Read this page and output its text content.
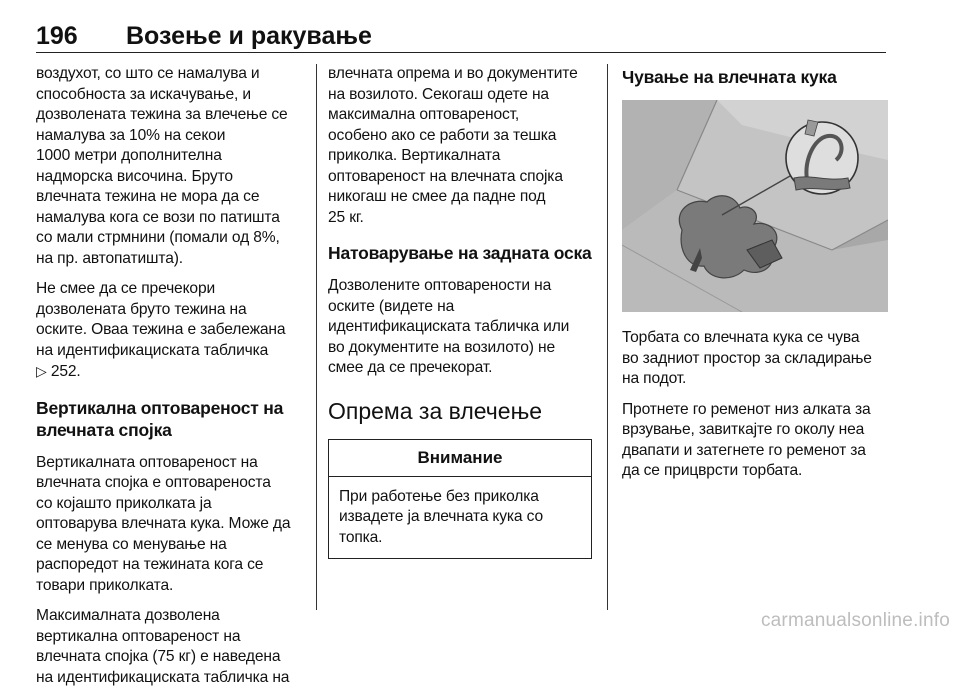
196 Возење и ракување
воздухот, со што се намалува и
способноста за искачување, и
дозволената тежина за влечење се
намалува за 10% на секои
1000 метри дополнителна
надморска височина. Бруто
влечната тежина не мора да се
намалува кога се вози по патишта
со мали стрмнини (помали од 8%,
на пр. автопатишта).
Не смее да се пречекори
дозволената бруто тежина на
оските. Оваа тежина е забележана
на идентификациската табличка
▷ 252.
Вертикална оптовареност на
влечната спојка
Вертикалната оптовареност на
влечната спојка е оптовареноста
со којашто приколката ја
оптоварува влечната кука. Може да
се менува со менување на
распоредот на тежината кога се
товари приколката.
Максималната дозволена
вертикална оптовареност на
влечната спојка (75 кг) е наведена
на идентификациската табличка на
влечната опрема и во документите
на возилото. Секогаш одете на
максимална оптовареност,
особено ако се работи за тешка
приколка. Вертикалната
оптовареност на влечната спојка
никогаш не смее да падне под
25 кг.
Натоварување на задната оска
Дозволените оптоварености на
оските (видете на
идентификациската табличка или
во документите на возилото) не
смее да се пречекорат.
Опрема за влечење
Внимание
При работење без приколка
извадете ја влечната кука со
топка.
Чување на влечната кука
Торбата со влечната кука се чува
во задниот простор за складирање
на подот.
Протнете го ременот низ алката за
врзување, завиткајте го околу неа
двапати и затегнете го ременот за
да се прицврсти торбата.
carmanualsonline.info
